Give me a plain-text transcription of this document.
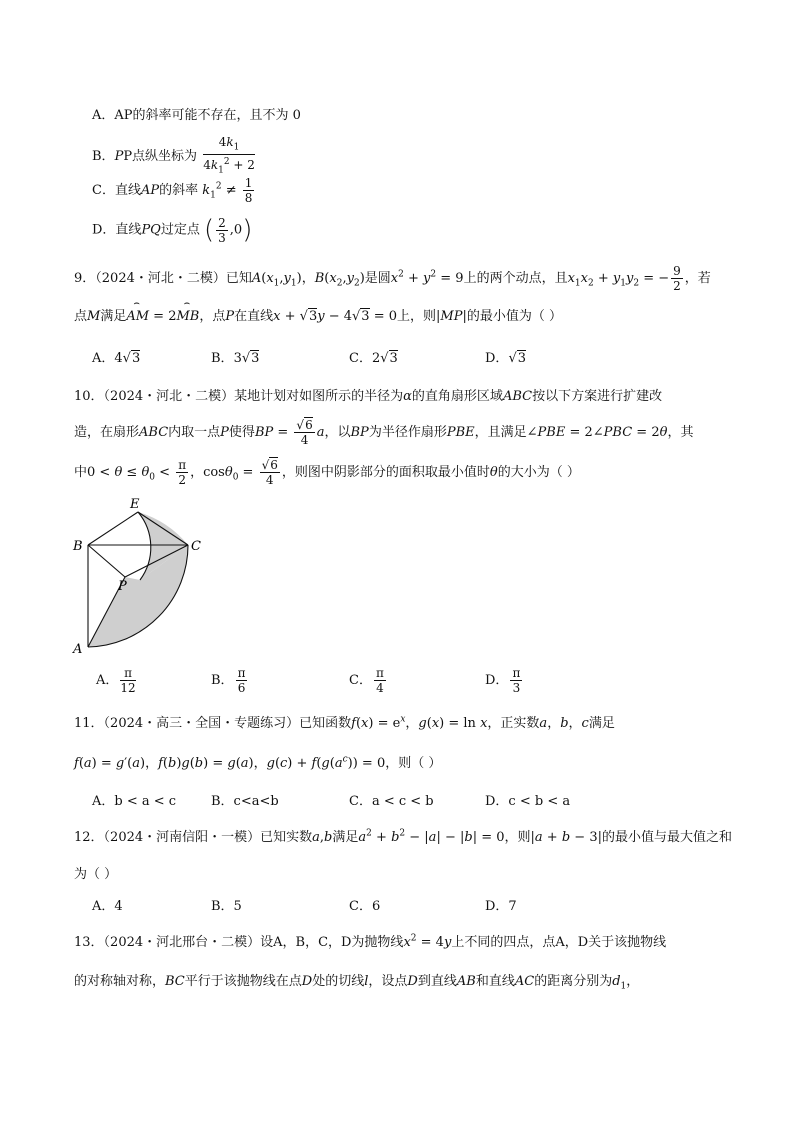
A．AP的斜率可能不存在，且不为 0
B．PP点纵坐标为 $\frac{4k_1}{4k_1^2 + 2}$
C．直线AP的斜率 $k_1^2 \ne \frac{1}{8}$
D．直线PQ过定点 ( $\frac{2}{3} ,0$)
9．（2024・河北・二模）已知$A(x_1,y_1)$，$B(x_2,y_2)$是圆$x^2 + y^2 = 9$上的两个动点，且$x_1x_2 + y_1y_2$ = − $\frac{9}{2}$ ，若
点M满足⌢ AM = 2⌢ MB，点P在直线x + √3y − 4√3 = 0上，则|MP|的最小值为（ ）
A．4√3	B．3√3	C．2√3	D．√3
10．（2024・河北・二模）某地计划对如图所示的半径为α的直角扇形区域ABC按以下方案进行扩建改
造，在扇形ABC内取一点P使得BP = $\frac{√6}{4}$ a，以BP为半径作扇形PBE，且满足∠PBE = 2∠PBC = 2θ，其
中$0 < \theta \le \theta_0 < \frac{\pi}{2}$ ，$\cos\theta_0 = \frac{√6}{4}$ ，则图中阴影部分的面积取最小值时θ的大小为（ ）
E
B	C
P
A
A． $\frac{\pi}{12}$	B． $\frac{\pi}{6}$	C． $\frac{\pi}{4}$	D． $\frac{\pi}{3}$
11．（2024・高三・全国・专题练习）已知函数$f(x) = e^x$，g(x) = ln x，正实数a，b，c满足
f(a) = g′(a)，f(b)g(b) = g(a)，$g(c) + f(g(a^c)) = 0$，则（ ）
A．b < a < c	B．c<a<b	C．a < c < b	D．c < b < a
12．（2024・河南信阳・一模）已知实数a,b满足$a^2 + b^2 - |a| - |b| = 0$，则|a + b − 3|的最小值与最大值之和
为（ ）
A．4	B．5	C．6	D．7
13．（2024・河北邢台・二模）设A，B，C，D为抛物线$x^2 = 4y$上不同的四点，点A，D关于该抛物线
的对称轴对称，BC平行于该抛物线在点D处的切线l，设点D到直线AB和直线AC的距离分别为$d_1$，
